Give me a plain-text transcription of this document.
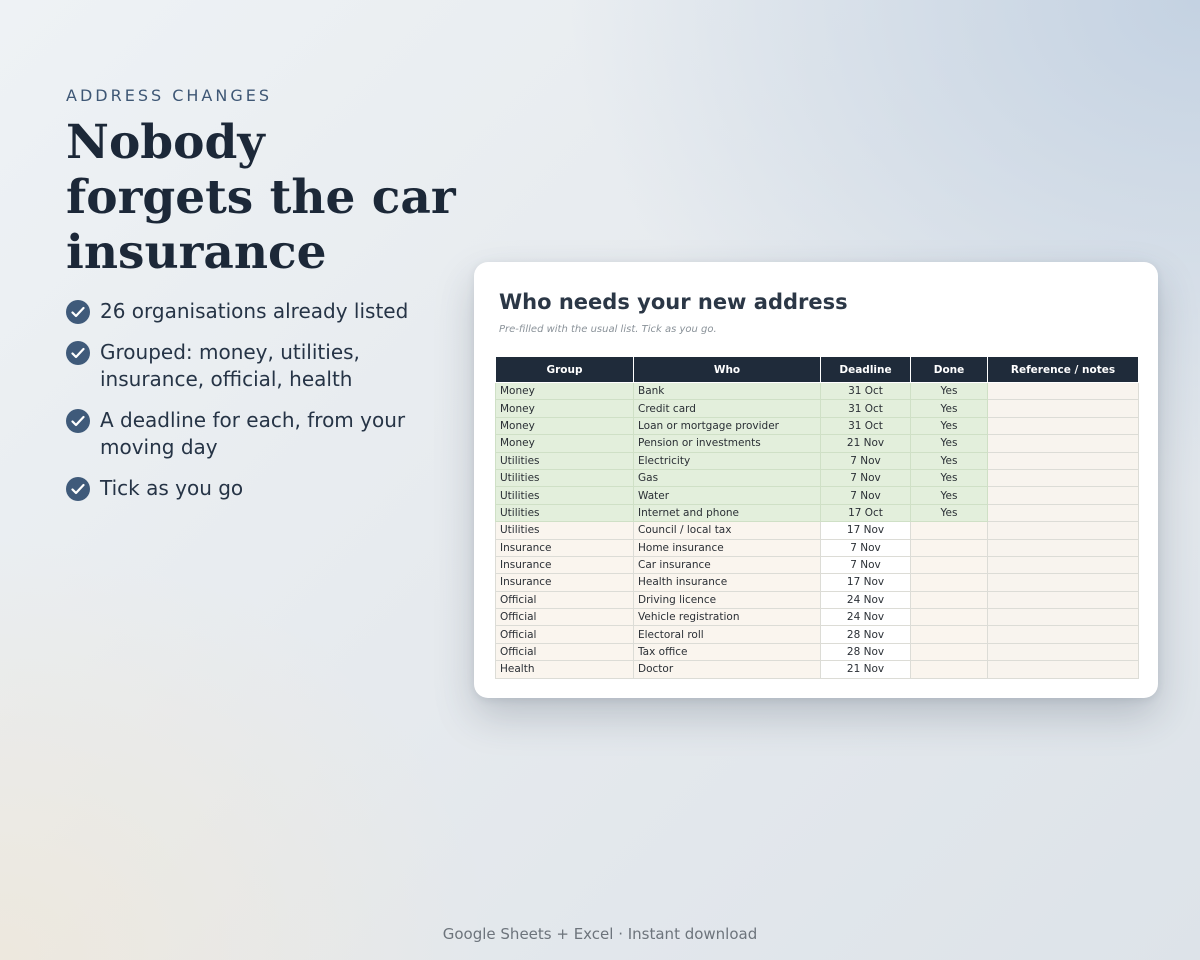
ADDRESS CHANGES

Nobody forgets the car insurance
26 organisations already listed
Grouped: money, utilities, insurance, official, health
A deadline for each, from your moving day
Tick as you go
Who needs your new address

Pre-filled with the usual list. Tick as you go.

Group	Who	Deadline	Done	Reference / notes
Money	Bank	31 Oct	Yes	
Money	Credit card	31 Oct	Yes	
Money	Loan or mortgage provider	31 Oct	Yes	
Money	Pension or investments	21 Nov	Yes	
Utilities	Electricity	7 Nov	Yes	
Utilities	Gas	7 Nov	Yes	
Utilities	Water	7 Nov	Yes	
Utilities	Internet and phone	17 Oct	Yes	
Utilities	Council / local tax	17 Nov		
Insurance	Home insurance	7 Nov		
Insurance	Car insurance	7 Nov		
Insurance	Health insurance	17 Nov		
Official	Driving licence	24 Nov		
Official	Vehicle registration	24 Nov		
Official	Electoral roll	28 Nov		
Official	Tax office	28 Nov		
Health	Doctor	21 Nov		
Google Sheets + Excel · Instant download
